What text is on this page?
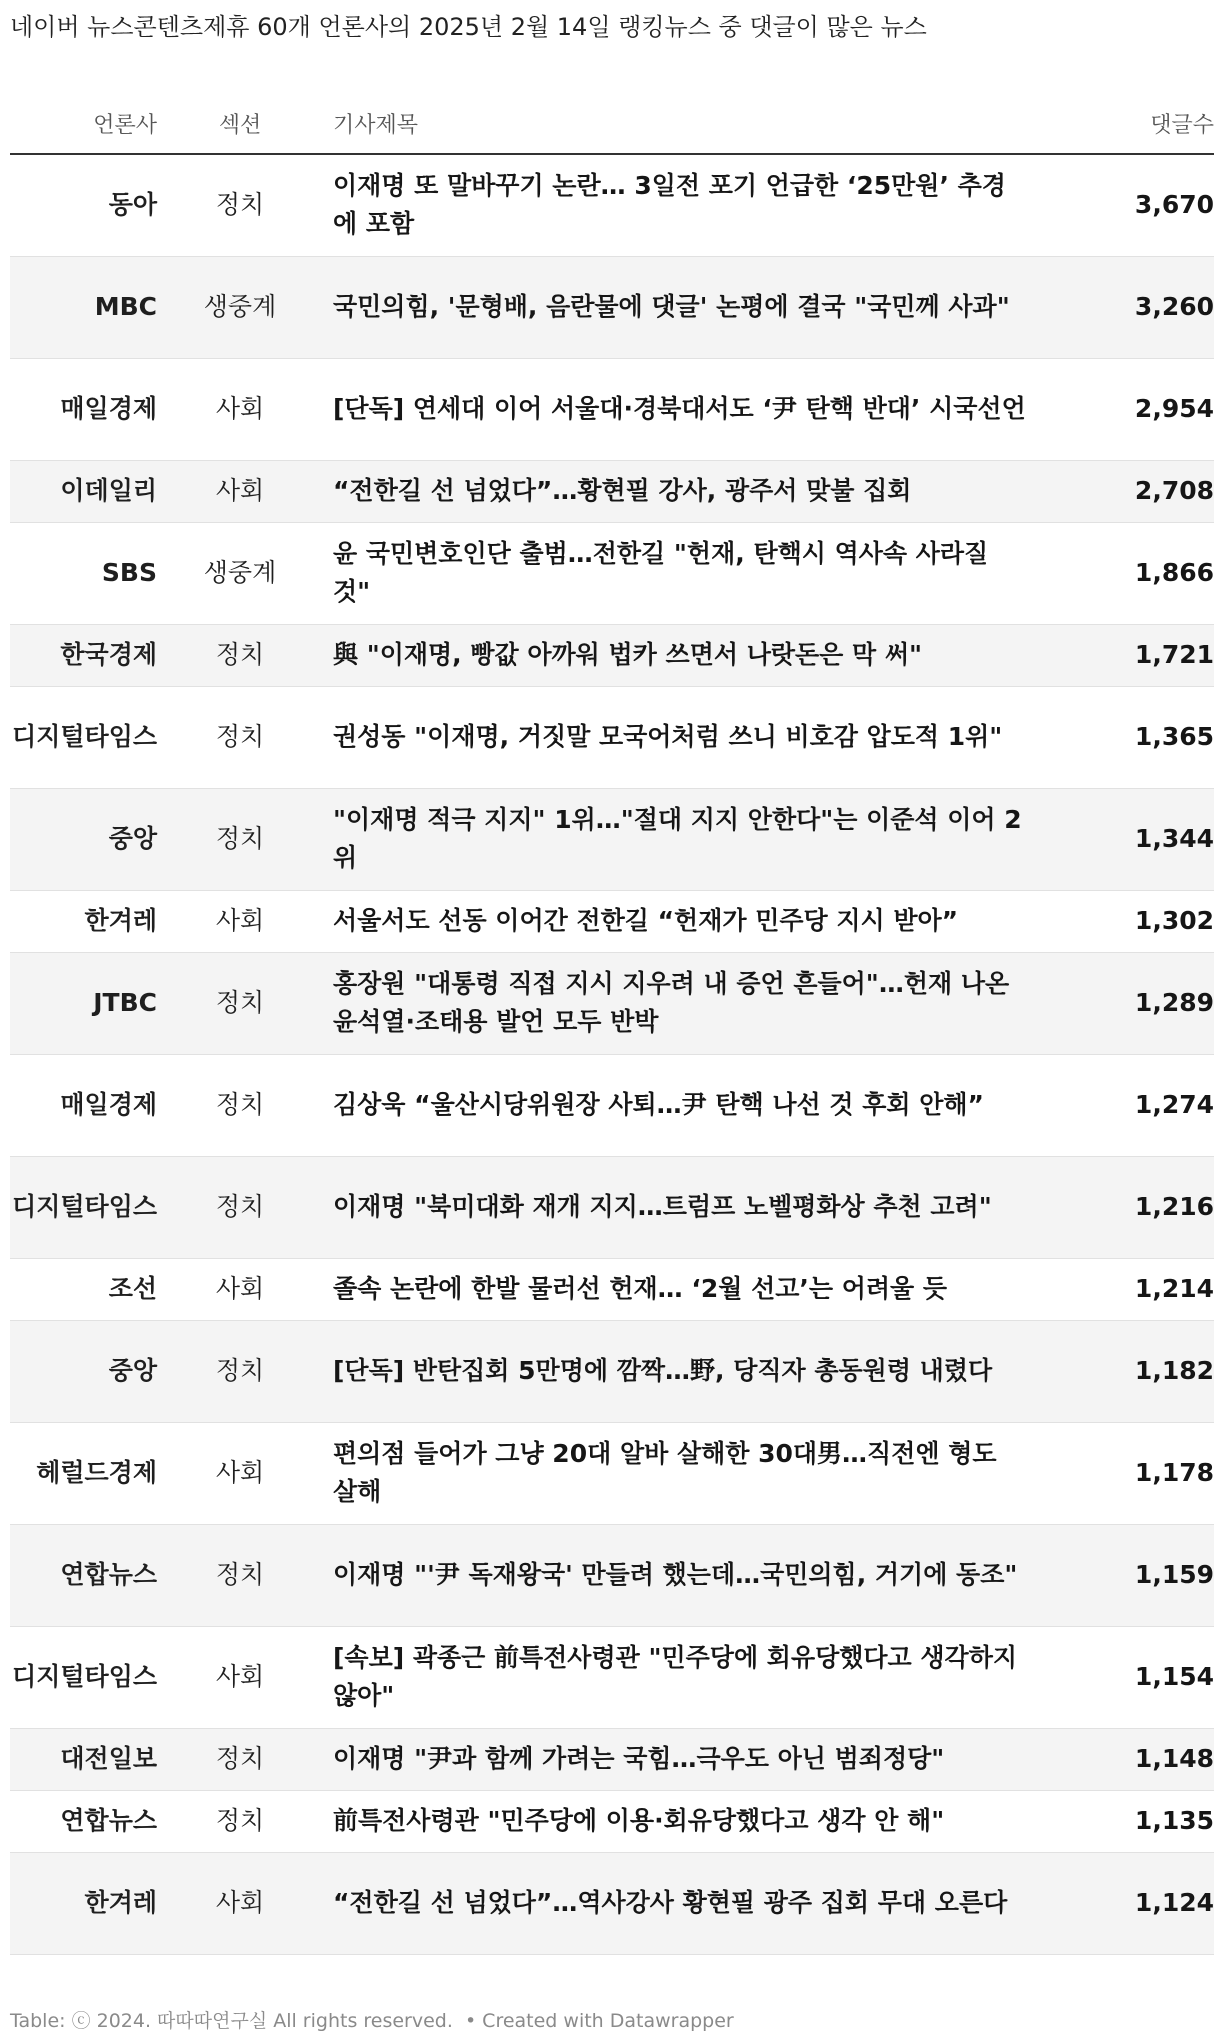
네이버 뉴스콘텐츠제휴 60개 언론사의 2025년 2월 14일 랭킹뉴스 중 댓글이 많은 뉴스
언론사	섹션	기사제목	댓글수
동아	정치	이재명 또 말바꾸기 논란… 3일전 포기 언급한 ‘25만원’ 추경에 포함	3,670
MBC	생중계	국민의힘, '문형배, 음란물에 댓글' 논평에 결국 "국민께 사과"	3,260
매일경제	사회	[단독] 연세대 이어 서울대·경북대서도 ‘尹 탄핵 반대’ 시국선언	2,954
이데일리	사회	“전한길 선 넘었다”…황현필 강사, 광주서 맞불 집회	2,708
SBS	생중계	윤 국민변호인단 출범…전한길 "헌재, 탄핵시 역사속 사라질 것"	1,866
한국경제	정치	與 "이재명, 빵값 아까워 법카 쓰면서 나랏돈은 막 써"	1,721
디지털타임스	정치	권성동 "이재명, 거짓말 모국어처럼 쓰니 비호감 압도적 1위"	1,365
중앙	정치	"이재명 적극 지지" 1위…"절대 지지 안한다"는 이준석 이어 2위	1,344
한겨레	사회	서울서도 선동 이어간 전한길 “헌재가 민주당 지시 받아”	1,302
JTBC	정치	홍장원 "대통령 직접 지시 지우려 내 증언 흔들어"…헌재 나온 윤석열·조태용 발언 모두 반박	1,289
매일경제	정치	김상욱 “울산시당위원장 사퇴…尹 탄핵 나선 것 후회 안해”	1,274
디지털타임스	정치	이재명 "북미대화 재개 지지…트럼프 노벨평화상 추천 고려"	1,216
조선	사회	졸속 논란에 한발 물러선 헌재… ‘2월 선고’는 어려울 듯	1,214
중앙	정치	[단독] 반탄집회 5만명에 깜짝…野, 당직자 총동원령 내렸다	1,182
헤럴드경제	사회	편의점 들어가 그냥 20대 알바 살해한 30대男…직전엔 형도 살해	1,178
연합뉴스	정치	이재명 "'尹 독재왕국' 만들려 했는데…국민의힘, 거기에 동조"	1,159
디지털타임스	사회	[속보] 곽종근 前특전사령관 "민주당에 회유당했다고 생각하지 않아"	1,154
대전일보	정치	이재명 "尹과 함께 가려는 국힘…극우도 아닌 범죄정당"	1,148
연합뉴스	정치	前특전사령관 "민주당에 이용·회유당했다고 생각 안 해"	1,135
한겨레	사회	“전한길 선 넘었다”…역사강사 황현필 광주 집회 무대 오른다	1,124
Table: ⓒ 2024. 따따따연구실 All rights reserved. • Created with Datawrapper
